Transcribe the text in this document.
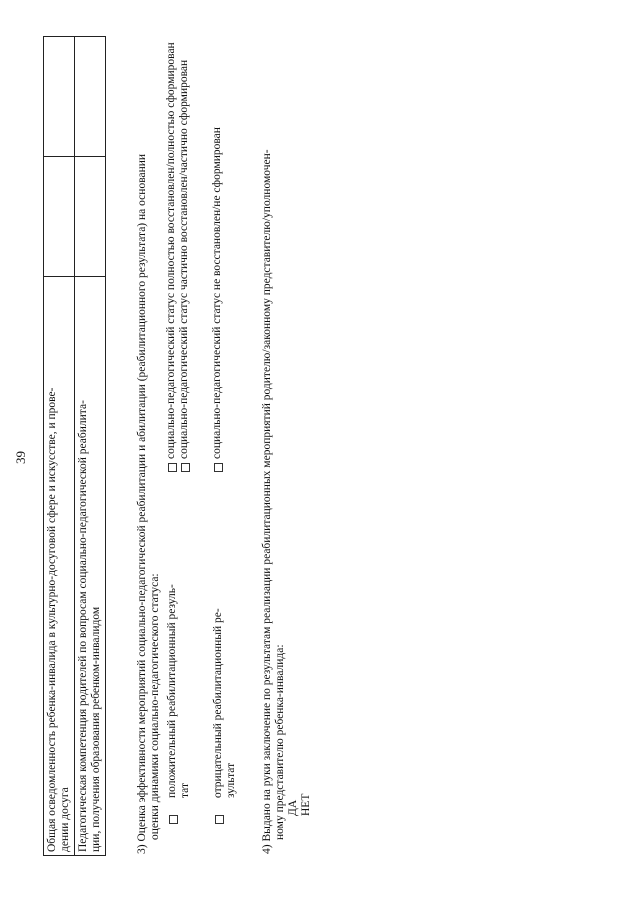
39 Общая осведомленность ребенка-инвалида в культурно-досуговой сфере и искусстве, и прове-
дении досуга		
Педагогическая компетенция родителей по вопросам социально-педагогической реабилита-
ции, получения образования ребенком-инвалидом			3) Оценка эффективности мероприятий социально-педагогической реабилитации и абилитации (реабилитационного результата) на основании оценки динамики социально-педагогического статуса: положительный реабилитационный резуль-
тат
социально-педагогический статус полностью восстановлен/полностью сформирован социально-педагогический статус частично восстановлен/частично сформирован
отрицательный реабилитационный ре-
зультат
социально-педагогический статус не восстановлен/не сформирован	4) Выдано на руки заключение по результатам реализации реабилитационных мероприятий родителю/законному представителю/уполномочен- ному представителю ребенка-инвалида: ДА НЕТ
